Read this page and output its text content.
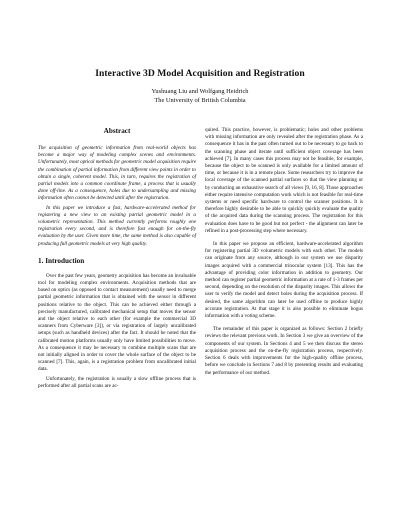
Interactive 3D Model Acquisition and Registration
Yushuang Liu and Wolfgang Heidrich
The University of British Columbia
Abstract

The acquisition of geometric information from real-world objects has become a major way of modeling complex scenes and environments. Unfortunately, most optical methods for geometric model acquisition require the combination of partial information from different view points in order to obtain a single, coherent model. This, in turn, requires the registration of partial models into a common coordinate frame, a process that is usually done off-line. As a consequence, holes due to undersampling and missing information often cannot be detected until after the registration.

In this paper we introduce a fast, hardware-accelerated method for registering a new view to an existing partial geometric model in a volumetric representation. This method currently performs roughly one registration every second, and is therefore fast enough for on-the-fly evaluation by the user. Given more time, the same method is also capable of producing full geometric models at very high quality.

1. Introduction

Over the past few years, geometry acquisition has become an invaluable tool for modeling complex environments. Acquisition methods that are based on optics (as opposed to contact measurement) usually need to merge partial geometric information that is obtained with the sensor in different positions relative to the object. This can be achieved either through a precisely manufactured, calibrated mechanical setup that moves the sensor and the object relative to each other (for example the commercial 3D scanners from Cyberware [3]), or via registration of largely uncalibrated setups (such as handheld devices) after the fact. It should be noted that the calibrated motion platforms usually only have limited possibilities to move. As a consequence it may be necessary to combine multiple scans that are not initially aligned in order to cover the whole surface of the object to be scanned [7]. This, again, is a registration problem from uncalibrated initial data.

Unfortunately, the registration is usually a slow offline process that is performed after all partial scans are ac-

quired. This practice, however, is problematic; holes and other problems with missing information are only revealed after the registration phase. As a consequence it has in the past often turned out to be necessary to go back to the scanning phase and iterate until sufficient object coverage has been achieved [7]. In many cases this process may not be feasible, for example, because the object to be scanned is only available for a limited amount of time, or because it is in a remote place. Some researchers try to improve the local coverage of the scanned partial surfaces so that the view planning or by conducting an exhaustive search of all views [9, 16, 8]. Those approaches either require intensive computation work which is not feasible for real-time systems or need specific hardware to control the scanner positions. It is therefore highly desirable to be able to quickly quickly evaluate the quality of the acquired data during the scanning process. The registration for this evaluation does have to be good but not perfect - the alignment can later be refined in a post-processing step where necessary.

In this paper we propose an efficient, hardware-accelerated algorithm for registering partial 3D volumetric models with each other. The models can originate from any source, although in our system we use disparity images acquired with a commercial trinocular system [13]. This has the advantage of providing color information in addition to geometry. Our method can register partial geometric information at a rate of 1-3 frames per second, depending on the resolution of the disparity images. This allows the user to verify the model and detect holes during the acquisition process. If desired, the same algorithm can later be used offline to produce highly accurate registration. At that stage it is also possible to eliminate bogus information with a voting scheme.

The remainder of this paper is organized as follows: Section 2 briefly reviews the relevant previous work. In Section 3 we give an overview of the components of our system. In Sections 4 and 5 we then discuss the stereo acquisition process and the on-the-fly registration process, respectively. Section 6 deals with improvements for the high-quality offline process, before we conclude in Sections 7 and 8 by presenting results and evaluating the performance of our method.
